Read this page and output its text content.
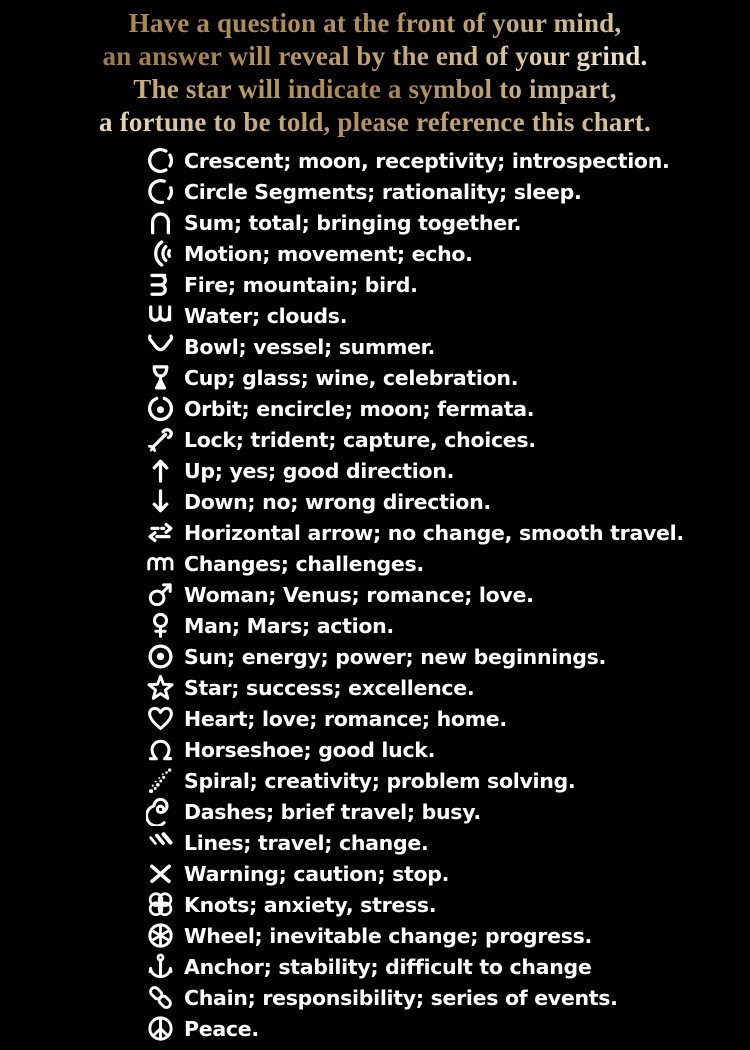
Have a question at the front of your mind,
an answer will reveal by the end of your grind.
The star will indicate a symbol to impart,
a fortune to be told, please reference this chart.
Crescent; moon, receptivity; introspection.
Circle Segments; rationality; sleep.
Sum; total; bringing together.
Motion; movement; echo.
Fire; mountain; bird.
Water; clouds.
Bowl; vessel; summer.
Cup; glass; wine, celebration.
Orbit; encircle; moon; fermata.
Lock; trident; capture, choices.
Up; yes; good direction.
Down; no; wrong direction.
Horizontal arrow; no change, smooth travel.
Changes; challenges.
Woman; Venus; romance; love.
Man; Mars; action.
Sun; energy; power; new beginnings.
Star; success; excellence.
Heart; love; romance; home.
Horseshoe; good luck.
Spiral; creativity; problem solving.
Dashes; brief travel; busy.
Lines; travel; change.
Warning; caution; stop.
Knots; anxiety, stress.
Wheel; inevitable change; progress.
Anchor; stability; difficult to change
Chain; responsibility; series of events.
Peace.
